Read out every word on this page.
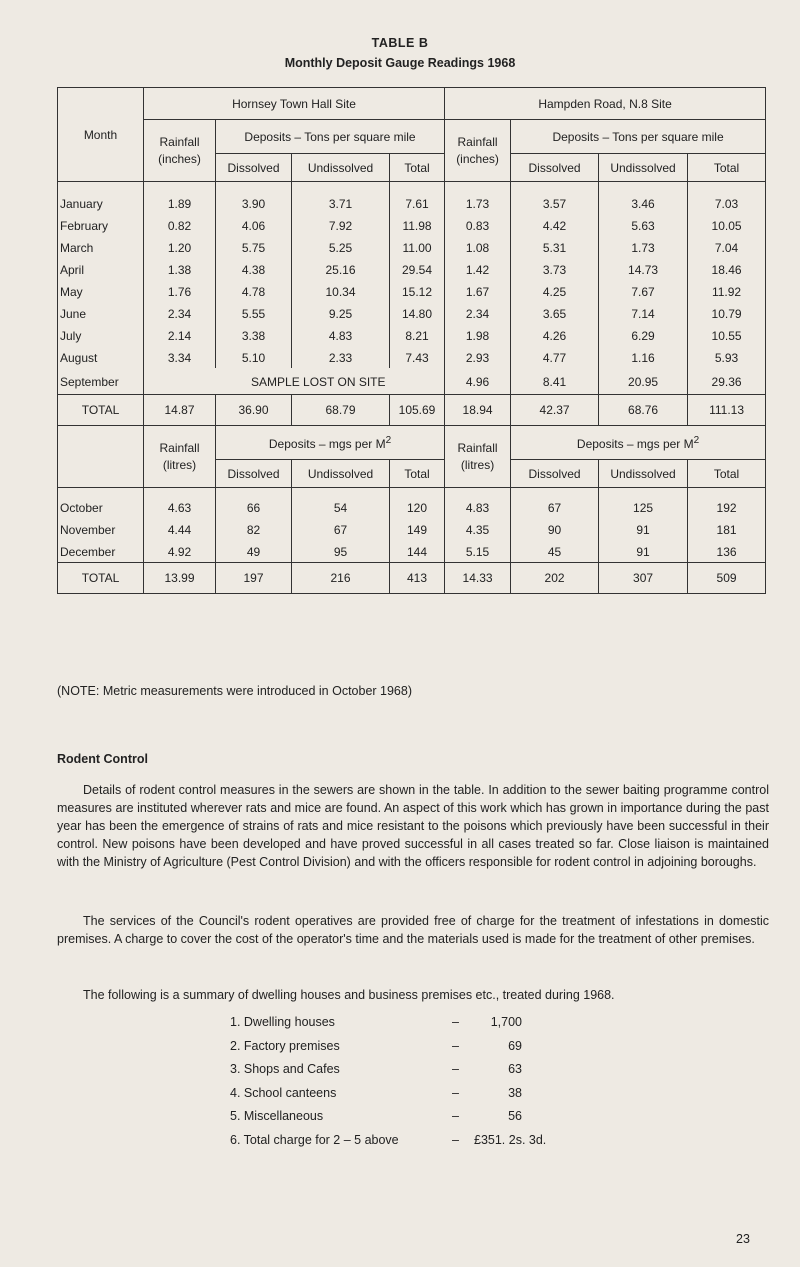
TABLE B
Monthly Deposit Gauge Readings 1968
Month	Hornsey Town Hall Site				Hampden Road, N.8 Site			
	Rainfall (inches)	Deposits – Tons per square mile			Rainfall (inches)	Deposits – Tons per square mile		
		Dissolved	Undissolved	Total		Dissolved	Undissolved	Total
January	1.89	3.90	3.71	7.61	1.73	3.57	3.46	7.03
February	0.82	4.06	7.92	11.98	0.83	4.42	5.63	10.05
March	1.20	5.75	5.25	11.00	1.08	5.31	1.73	7.04
April	1.38	4.38	25.16	29.54	1.42	3.73	14.73	18.46
May	1.76	4.78	10.34	15.12	1.67	4.25	7.67	11.92
June	2.34	5.55	9.25	14.80	2.34	3.65	7.14	10.79
July	2.14	3.38	4.83	8.21	1.98	4.26	6.29	10.55
August	3.34	5.10	2.33	7.43	2.93	4.77	1.16	5.93
September	SAMPLE LOST ON SITE				4.96	8.41	20.95	29.36
TOTAL	14.87	36.90	68.79	105.69	18.94	42.37	68.76	111.13
	Rainfall (litres)	Deposits – mgs per $M^2$			Rainfall (litres)	Deposits – mgs per $M^2$
		Dissolved	Undissolved	Total		Dissolved	Undissolved	Total
October	4.63	66	54	120	4.83	67	125	192
November	4.44	82	67	149	4.35	90	91	181
December	4.92	49	95	144	5.15	45	91	136
TOTAL	13.99	197	216	413	14.33	202	307	509
(NOTE: Metric measurements were introduced in October 1968)
Rodent Control

Details of rodent control measures in the sewers are shown in the table. In addition to the sewer baiting programme control measures are instituted wherever rats and mice are found. An aspect of this work which has grown in importance during the past year has been the emergence of strains of rats and mice resistant to the poisons which previously have been successful in their control. New poisons have been developed and have proved successful in all cases treated so far. Close liaison is maintained with the Ministry of Agriculture (Pest Control Division) and with the officers responsible for rodent control in adjoining boroughs.

The services of the Council's rodent operatives are provided free of charge for the treatment of infestations in domestic premises. A charge to cover the cost of the operator's time and the materials used is made for the treatment of other premises.

The following is a summary of dwelling houses and business premises etc., treated during 1968.

1. Dwelling houses	–	1,700
2. Factory premises	–	69
3. Shops and Cafes	–	63
4. School canteens	–	38
5. Miscellaneous	–	56
6. Total charge for 2 – 5 above	– £351. 2s. 3d.
23
